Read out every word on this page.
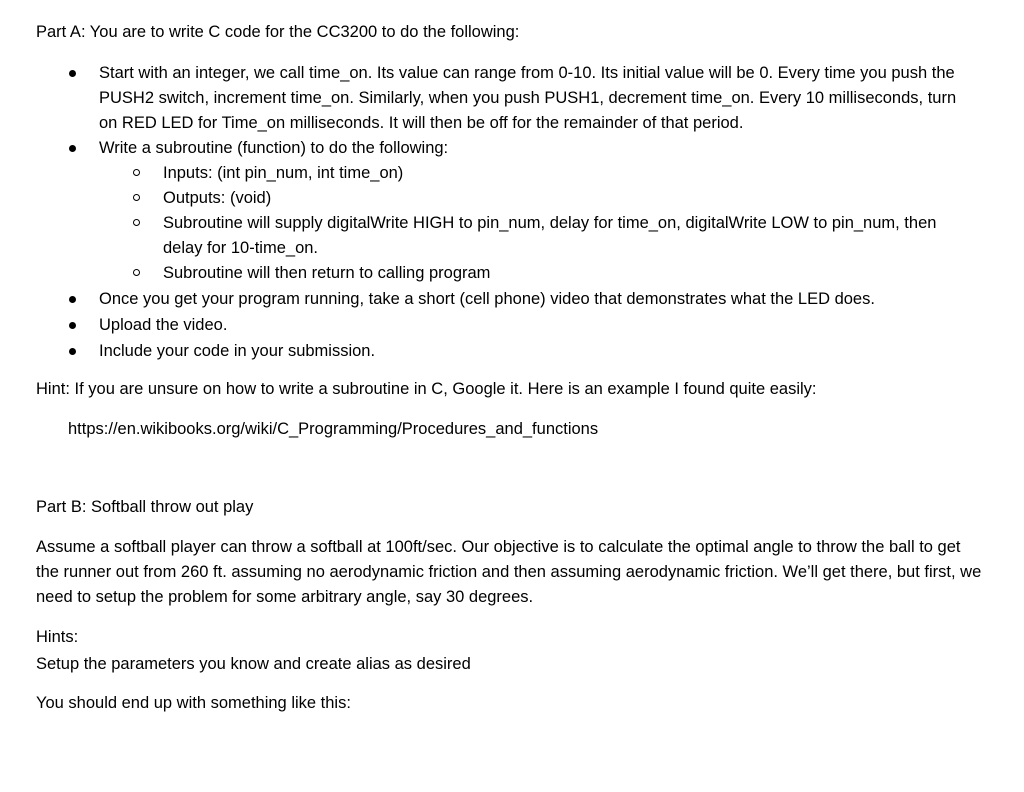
Part A: You are to write C code for the CC3200 to do the following:

Start with an integer, we call time_on. Its value can range from 0-10. Its initial value will be 0. Every time you push the PUSH2 switch, increment time_on. Similarly, when you push PUSH1, decrement time_on. Every 10 milliseconds, turn on RED LED for Time_on milliseconds. It will then be off for the remainder of that period.
Write a subroutine (function) to do the following:
Inputs: (int pin_num, int time_on)
Outputs: (void)
Subroutine will supply digitalWrite HIGH to pin_num, delay for time_on, digitalWrite LOW to pin_num, then delay for 10-time_on.
Subroutine will then return to calling program
Once you get your program running, take a short (cell phone) video that demonstrates what the LED does.
Upload the video.
Include your code in your submission.

Hint: If you are unsure on how to write a subroutine in C, Google it. Here is an example I found quite easily:

https://en.wikibooks.org/wiki/C_Programming/Procedures_and_functions

Part B: Softball throw out play

Assume a softball player can throw a softball at 100ft/sec. Our objective is to calculate the optimal angle to throw the ball to get the runner out from 260 ft. assuming no aerodynamic friction and then assuming aerodynamic friction. We’ll get there, but first, we need to setup the problem for some arbitrary angle, say 30 degrees.

Hints:

Setup the parameters you know and create alias as desired

You should end up with something like this:
